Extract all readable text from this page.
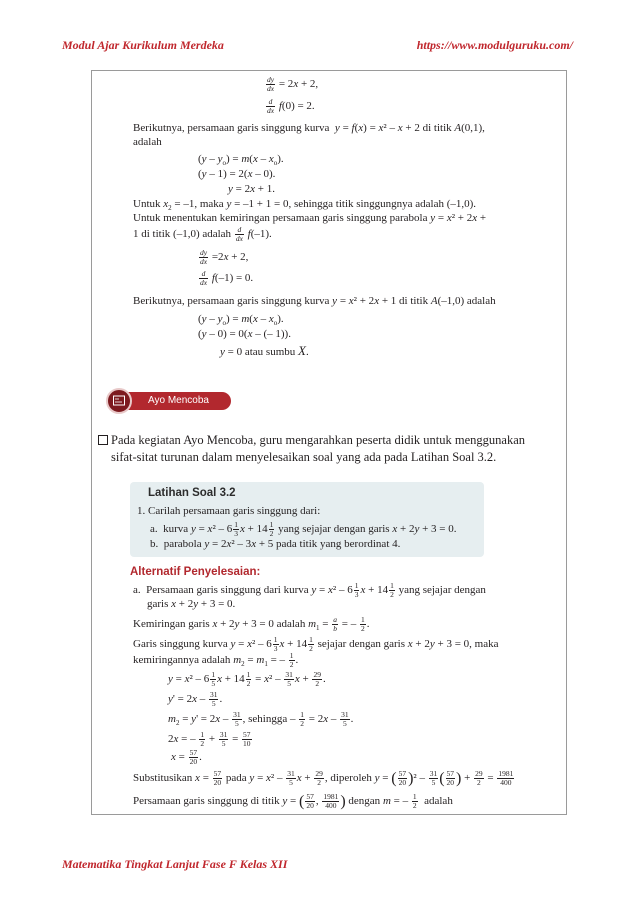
Modul Ajar Kurikulum Merdeka	https://www.modulguruku.com/
$\frac{dy}{dx} = 2x + 2$,
$\frac{d}{dx} f(0) = 2$.
Berikutnya, persamaan garis singgung kurva y = f(x) = x² – x + 2 di titik A(0,1),
adalah
$(y - y_o) = m(x - x_o)$.
(y – 1) = 2(x – 0).
y = 2x + 1.
Untuk $x_2 = -1$, maka y = –1 + 1 = 0, sehingga titik singgungnya adalah (–1,0).
Untuk menentukan kemiringan persamaan garis singgung parabola y = x² + 2x +
1 di titik (–1,0) adalah $\frac{d}{dx} f(-1)$.
$\frac{dy}{dx} =2x + 2$,
$\frac{d}{dx} f(-1) = 0$.
Berikutnya, persamaan garis singgung kurva y = x² + 2x + 1 di titik A(–1,0) adalah
$(y - y_o) = m(x - x_o)$.
(y – 0) = 0(x – (– 1)).
y = 0 atau sumbu X.
Ayo Mencoba
Pada kegiatan Ayo Mencoba, guru mengarahkan peserta didik untuk menggunakan sifat-sitat turunan dalam menyelesaikan soal yang ada pada Latihan Soal 3.2.
Latihan Soal 3.2
1. Carilah persamaan garis singgung dari:
a. kurva $y = x^2 - 6 \frac{1}{3}$ $x + 14 \frac{1}{2}$ yang sejajar dengan garis x + 2y + 3 = 0.
b. parabola y = 2x² – 3x + 5 pada titik yang berordinat 4.
Alternatif Penyelesaian:
a. Persamaan garis singgung dari kurva $y = x^2 - 6 \frac{1}{3}$ $x + 14 \frac{1}{2}$ yang sejajar dengan
garis x + 2y + 3 = 0.
Kemiringan garis x + 2y + 3 = 0 adalah $m_1 = \frac{a}{b}$ = – $\frac{1}{2}$ .
Garis singgung kurva $y = x^2 - 6 \frac{1}{3}$ $x + 14 \frac{1}{2}$ sejajar dengan garis x + 2y + 3 = 0, maka
kemiringannya adalah $m_2 = m_1$ = – $\frac{1}{2}$ .
$y = x^2 - 6 \frac{1}{5}$ $x + 14 \frac{1}{2} = x^2 - \frac{31}{5}$ $x + \frac{29}{2}$ .
$y' = 2x - \frac{31}{5}$ .
$m_2 = y' = 2x - \frac{31}{5}$ , sehingga – $\frac{1}{2} = 2x - \frac{31}{5}$ .
2x = – $\frac{1}{2} + \frac{31}{5} = \frac{57}{10}$
$x = \frac{57}{20}$ .
Substitusikan $x = \frac{57}{20}$ pada $y = x^2 - \frac{31}{5}$ $x + \frac{29}{2}$ , diperoleh y = ( $\frac{57}{20} )^2 - \frac{31}{5}$ ( $\frac{57}{20}$ ) + $\frac{29}{2} = \frac{1981}{400}$
Persamaan garis singgung di titik y = ( $\frac{57}{20}$ , $\frac{1981}{400}$ ) dengan m = – $\frac{1}{2}$ adalah
Matematika Tingkat Lanjut Fase F Kelas XII
